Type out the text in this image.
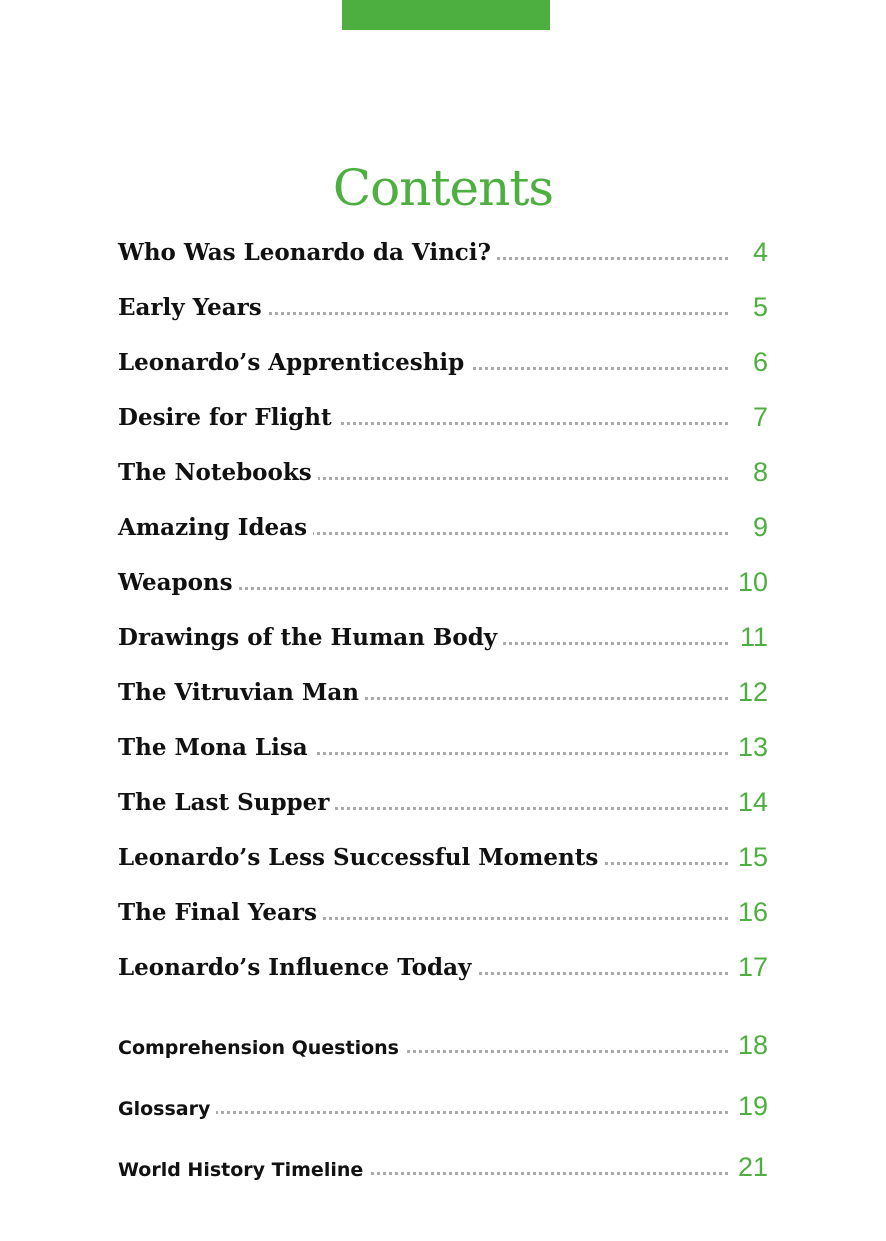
Contents
Who Was Leonardo da Vinci?	4
Early Years	5
Leonardo’s Apprenticeship	6
Desire for Flight	7
The Notebooks	8
Amazing Ideas	9
Weapons	10
Drawings of the Human Body	11
The Vitruvian Man	12
The Mona Lisa	13
The Last Supper	14
Leonardo’s Less Successful Moments	15
The Final Years	16
Leonardo’s Influence Today	17
Comprehension Questions	18
Glossary	19
World History Timeline	21
